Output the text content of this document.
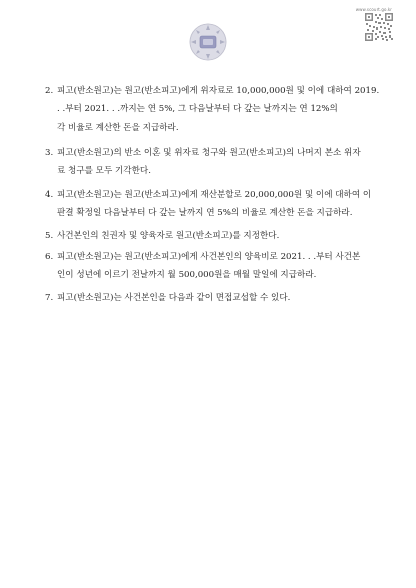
www.scourt.go.kr
2. 피고(반소원고)는 원고(반소피고)에게 위자료로 10,000,000원 및 이에 대하여 2019.
. .부터 2021. . .까지는 연 5%, 그 다음날부터 다 갚는 날까지는 연 12%의
각 비율로 계산한 돈을 지급하라.
3. 피고(반소원고)의 반소 이혼 및 위자료 청구와 원고(반소피고)의 나머지 본소 위자
료 청구를 모두 기각한다.
4. 피고(반소원고)는 원고(반소피고)에게 재산분할로 20,000,000원 및 이에 대하여 이
판결 확정일 다음날부터 다 갚는 날까지 연 5%의 비율로 계산한 돈을 지급하라.
5. 사건본인의 친권자 및 양육자로 원고(반소피고)를 지정한다.
6. 피고(반소원고)는 원고(반소피고)에게 사건본인의 양육비로 2021. . .부터 사건본
인이 성년에 이르기 전날까지 월 500,000원을 매월 말일에 지급하라.
7. 피고(반소원고)는 사건본인을 다음과 같이 면접교섭할 수 있다.
